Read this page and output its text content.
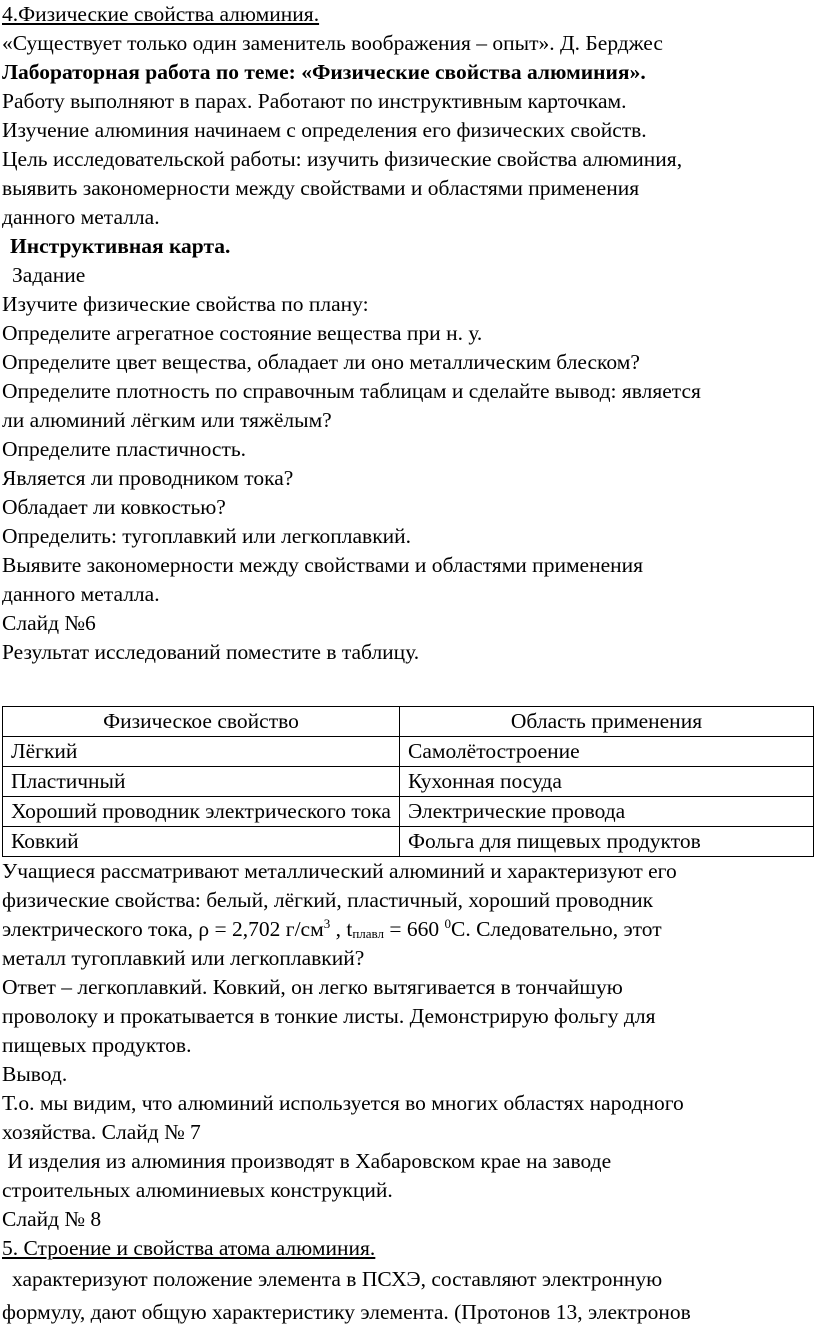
4.Физические свойства алюминия.

«Существует только один заменитель воображения – опыт». Д. Берджес

Лабораторная работа по теме: «Физические свойства алюминия».

Работу выполняют в парах. Работают по инструктивным карточкам.

Изучение алюминия начинаем с определения его физических свойств.

Цель исследовательской работы: изучить физические свойства алюминия,

выявить закономерности между свойствами и областями применения

данного металла.

Инструктивная карта.

Задание

Изучите физические свойства по плану:

Определите агрегатное состояние вещества при н. у.

Определите цвет вещества, обладает ли оно металлическим блеском?

Определите плотность по справочным таблицам и сделайте вывод: является

ли алюминий лёгким или тяжёлым?

Определите пластичность.

Является ли проводником тока?

Обладает ли ковкостью?

Определить: тугоплавкий или легкоплавкий.

Выявите закономерности между свойствами и областями применения

данного металла.

Слайд №6

Результат исследований поместите в таблицу.

Физическое свойство	Область применения
Лёгкий	Самолётостроение
Пластичный	Кухонная посуда
Хороший проводник электрического тока	Электрические провода
Ковкий	Фольга для пищевых продуктов

Учащиеся рассматривают металлический алюминий и характеризуют его

физические свойства: белый, лёгкий, пластичный, хороший проводник

электрического тока, ρ = 2,702 $г/см^3$ , $t_{плавл} = 660$ $^0$С. Следовательно, этот

металл тугоплавкий или легкоплавкий?

Ответ – легкоплавкий. Ковкий, он легко вытягивается в тончайшую

проволоку и прокатывается в тонкие листы. Демонстрирую фольгу для

пищевых продуктов.

Вывод.

Т.о. мы видим, что алюминий используется во многих областях народного

хозяйства. Слайд № 7

И изделия из алюминия производят в Хабаровском крае на заводе

строительных алюминиевых конструкций.

Слайд № 8

5. Строение и свойства атома алюминия.

характеризуют положение элемента в ПСХЭ, составляют электронную

формулу, дают общую характеристику элемента. (Протонов 13, электронов
